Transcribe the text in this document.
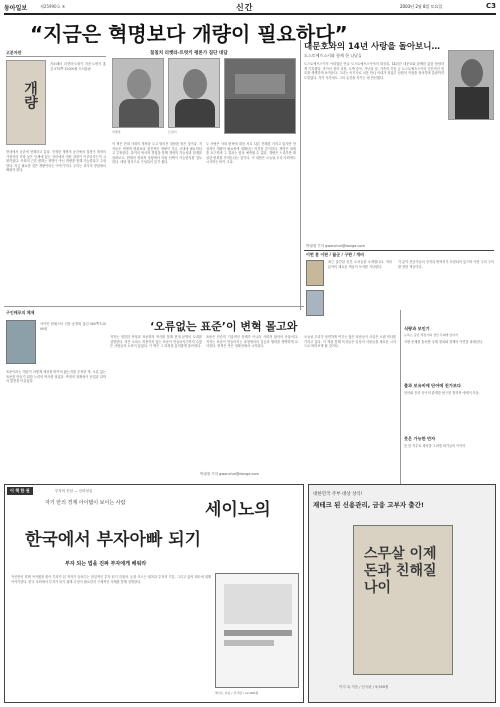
동아일보	제25990호 ④	신간	2003년 2월 8일 토요일	C3
“지금은 혁명보다 개량이 필요하다”
고분자판
개량
지소페터 리켓라·트럿키 지음·노명식 옮김·375쪽·12000원·도서출판
현대에서 공론에 현재하고 있다. 진정한 개혁의 공간에서 결정이 개척의 가장자리 가장 높은 단계에 있는 자리에서 어떤 결정이 이루어지는지 고찰하였다. 사회의 근본 변화는 혁명이 아닌 개량을 통해 가능하다고 주장한다. 지금 필요한 것은 개량이라는 이야기이다. 우리는 과거의 경험에서 배워야 한다.
칠칠치 리켓라-트럿키 평론가 집단 대담
리켓라	트럿키
이 책은 현대 사회의 개혁을 두고 벌어진 대담을 엮은 것이다. 저자들은 혁명적 변화보다 점진적인 개량이 지금 시대에 필요하다고 주장한다. 과거의 역사적 경험을 통해 개혁의 가능성과 한계를 살펴보고, 현재의 정치적 상황에서 어떤 선택이 가능한지를 검토한다. 대담 형식으로 구성되어 읽기 쉽다.
두 사람은 사회 변혁에 대한 서로 다른 견해를 가지고 있지만 현실적인 개량의 필요성에 대해서는 의견을 같이한다. 혁명은 희생을 요구하며 그 결과는 항상 예측할 수 없다. 개량은 느리지만 확실한 변화를 가져온다는 것이다. 이 대담은 오늘날 우리 사회에도 시사하는 바가 크다.
대문호와의 14년 사랑을 돌아보니…
도스토예프스키와 함께 한 나날들
도스토예프스키의 아내였던 안나 도스토예프스카야의 회상록. 14년간 대문호와 함께한 삶을 담담하게 기록했다. 작가의 창작 과정, 도박 중독, 가난과 빚, 가족의 죽음 등 도스토예프스키의 인간적인 면모를 생생하게 보여준다. 그녀는 속기사로 처음 만나 아내가 되었고 남편의 작품을 정서하며 출판까지 도맡았다. 작가 사후에도 그의 유산을 지키는 데 헌신했다.
박권철 기자 gwonchul@donga.com
이번 분 이판 / 꼴군 / 구판 / 개비
최근 출간된 신간 도서들을 소개합니다. 여러 분야의 새로운 책들이 독자를 기다린다.
각 분야 전문가들의 신작과 번역서가 포함되어 있으며 이번 주의 주목할 만한 책들이다.
구인배포의 체제
사이먼 윈체스터 지음·공경희 옮김·360쪽·12000원	‘오류없는 표준’이 변혁 몰고와
표준이라는 개념이 어떻게 세상을 바꾸어 왔는지를 추적한 책. 오류 없는 표준을 만들기 위한 노력의 역사를 담았다. 측정의 정확성이 산업과 과학의 발전을 이끌었다.
저자는 정밀한 측정과 표준화의 역사를 통해 현대 문명의 토대를 설명한다. 작은 오차도 허용하지 않는 표준이 만들어지기까지 수많은 사람들의 노력이 있었다. 이 책은 그 과정을 흥미롭게 풀어낸다.
표준은 단순히 기술적인 문제가 아니라 사회적 합의의 산물이다. 저자는 표준이 만들어지는 과정에서의 갈등과 협력을 생생하게 묘사한다. 변혁은 작은 정확성에서 시작된다.
오늘날 우리가 당연하게 여기는 많은 표준들이 사실은 오랜 역사를 가지고 있다. 이 책을 통해 독자들은 일상의 사물들을 새로운 시각으로 바라보게 될 것이다.
박권철 기자 gwonchul@donga.com
식량과 보인기
뉴욕는 공인 적정기의 성인 무대에 담아서
식량 문제를 둘러싼 국제 정치와 경제의 이면을 파헤친다.
출과 보유비에 단어에 진가보다
언어와 진리 사이의 관계를 탐구한 철학적 에세이 모음.
붓은 가능한 만자
붓 한 자루로 세상을 그려낸 화가들의 이야기.
이 책 한 권	부자의 신념 — 신의성실
자기 만의 경제 아이템이 보이는 사람	세이노의
한국에서 부자아빠 되기
부자 되는 법을 진짜 부자에게 배워라
자신만의 경제 아이템을 찾아 부자가 된 저자가 들려주는 현실적인 부자 되기 지침서. 돈을 모으는 원칙과 투자의 기본, 그리고 삶의 태도에 대해 이야기한다. 한국 사회에서 부자가 되기 위해 무엇이 필요한지 구체적인 사례를 통해 설명한다.
세이노 지음 / 신국판 / 12,000원
대한민국 주부 대상 상식!
재테크 된 신용관리, 금융 고부자 출간!
스무살 이제 돈과 친해질 나이
이지 옥 지음 / 신국판 / 9,500원
